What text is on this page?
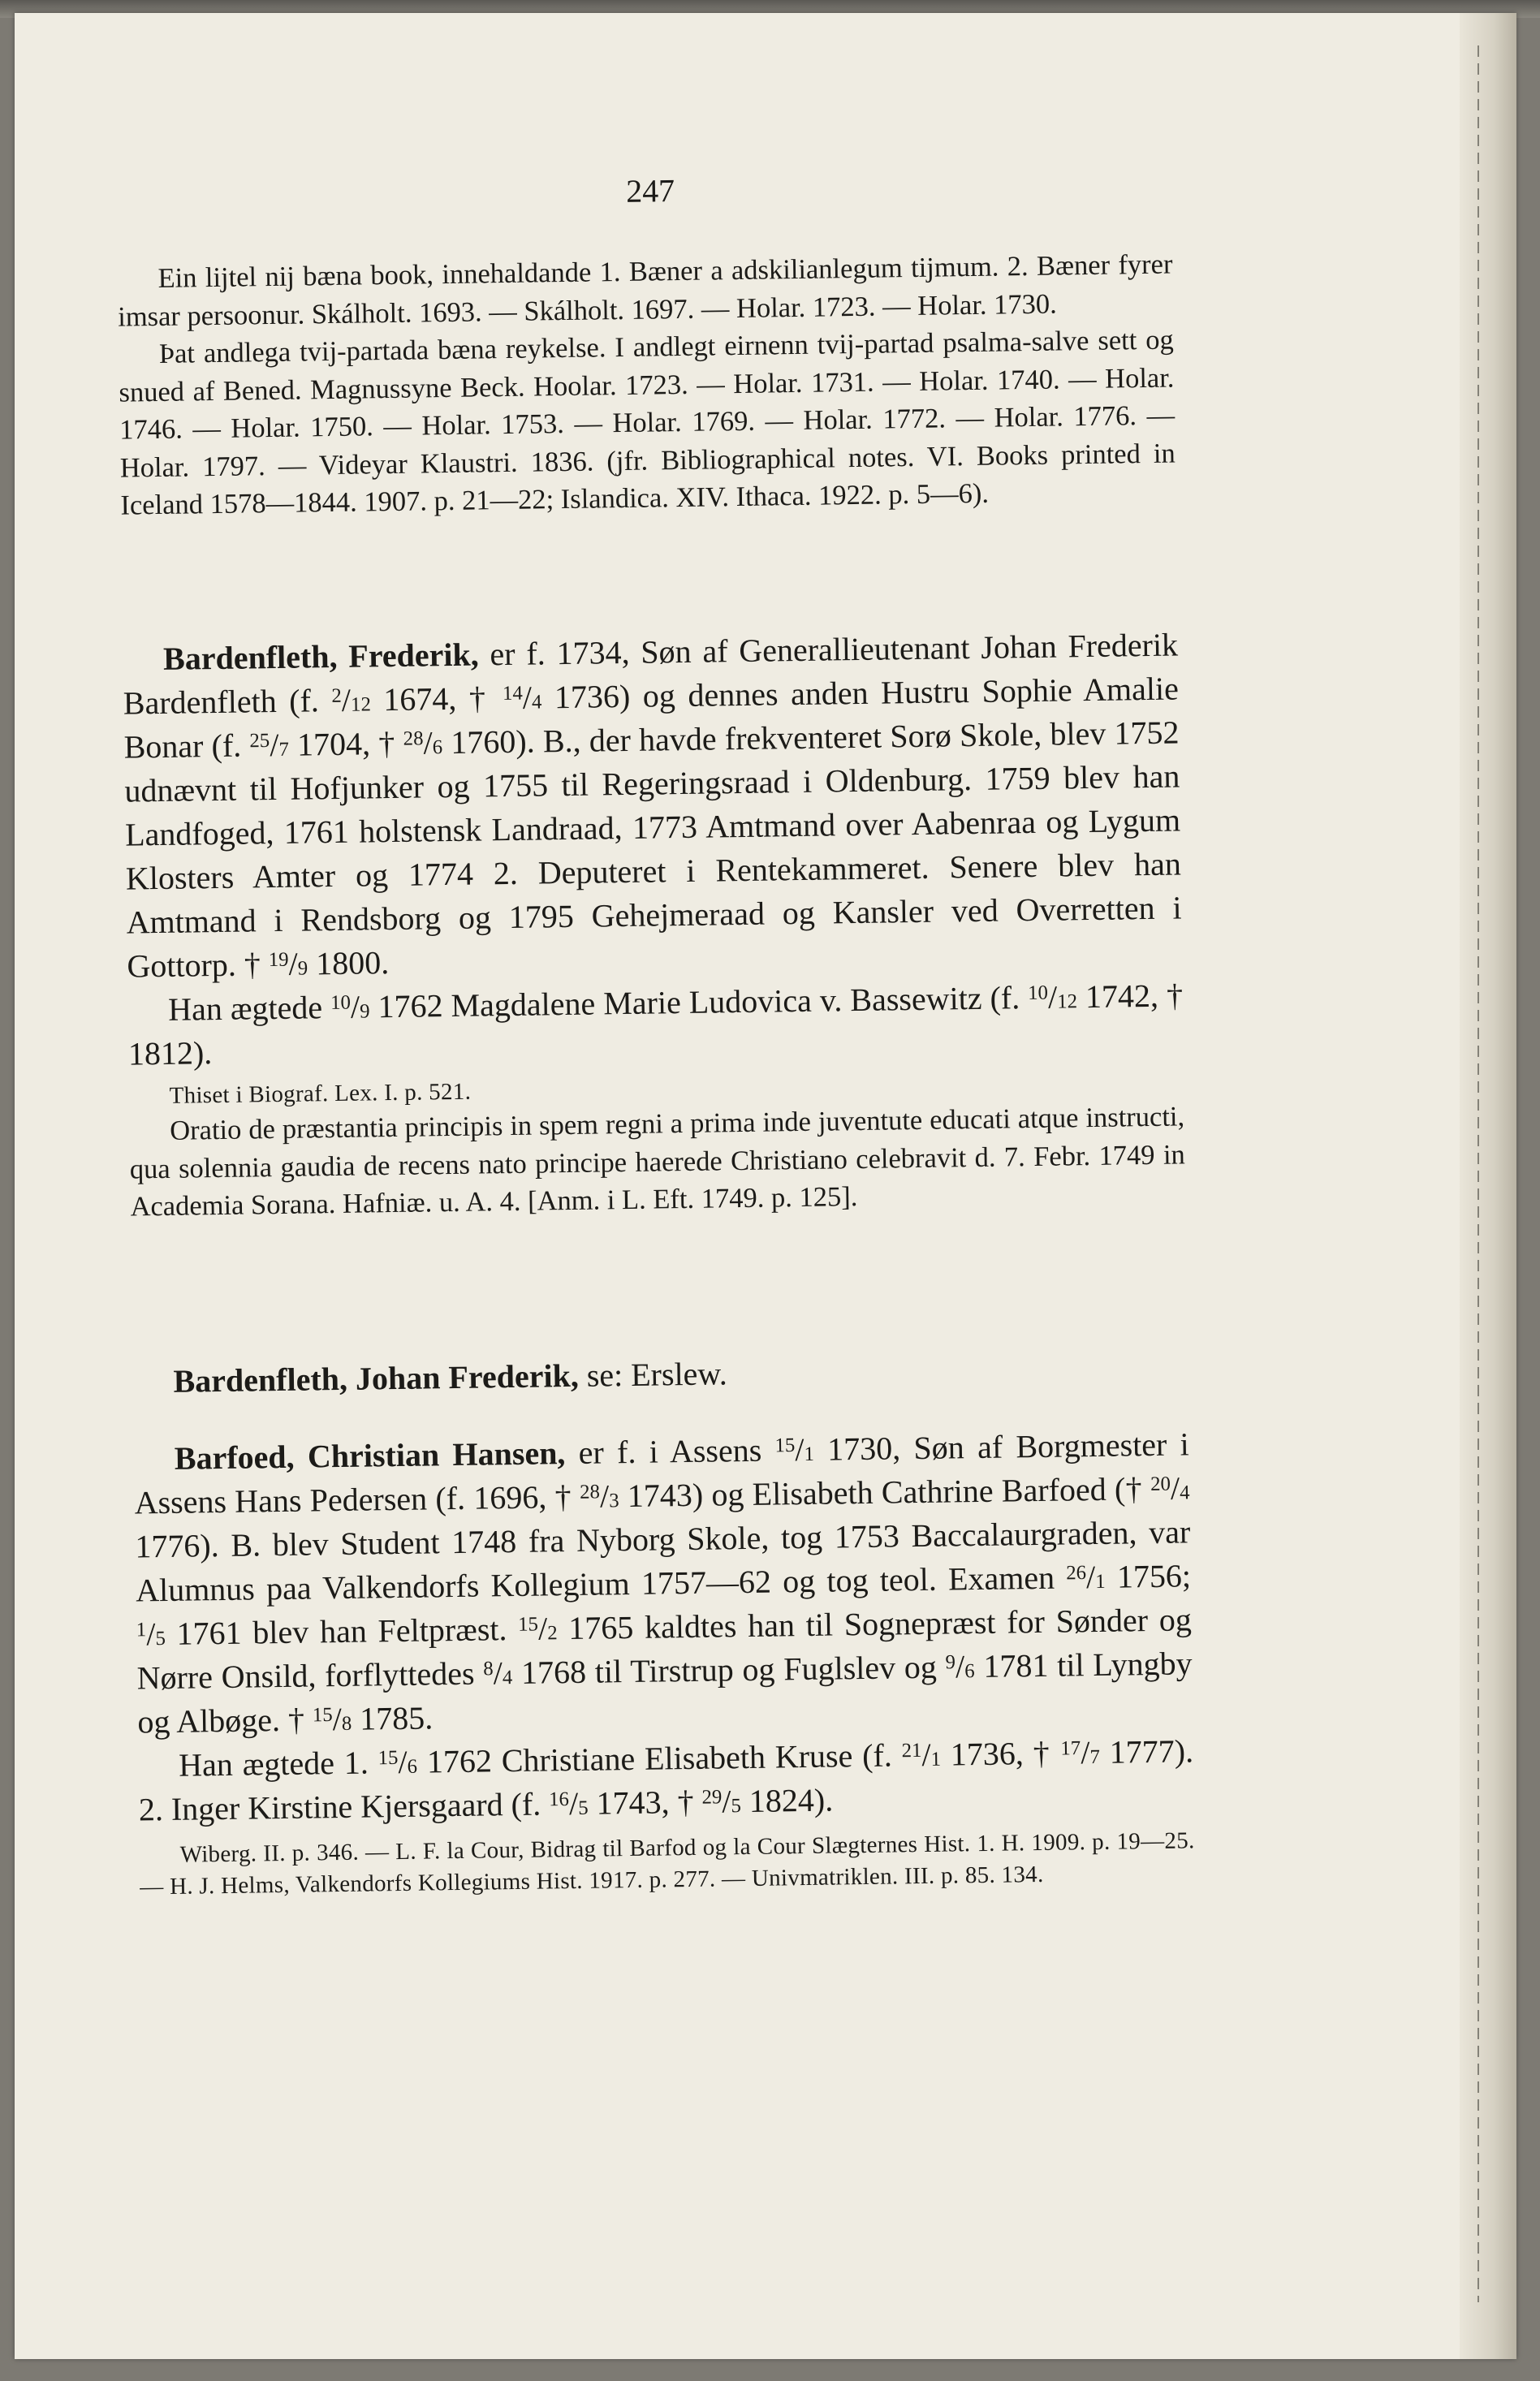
247

Ein lijtel nij bæna book, innehaldande 1. Bæner a adskilianlegum tijmum. 2. Bæner fyrer imsar persoonur. Skálholt. 1693. — Skálholt. 1697. — Holar. 1723. — Holar. 1730.

Þat andlega tvij-partada bæna reykelse. I andlegt eirnenn tvij-partad psalma-salve sett og snued af Bened. Magnussyne Beck. Hoolar. 1723. — Holar. 1731. — Holar. 1740. — Holar. 1746. — Holar. 1750. — Holar. 1753. — Holar. 1769. — Holar. 1772. — Holar. 1776. — Holar. 1797. — Videyar Klaustri. 1836. (jfr. Bibliographical notes. VI. Books printed in Iceland 1578—1844. 1907. p. 21—22; Islandica. XIV. Ithaca. 1922. p. 5—6).

Bardenfleth, Frederik, er f. 1734, Søn af Generallieutenant Johan Frederik Bardenfleth (f. $^2$/12 1674, † $^{14}$/4 1736) og dennes anden Hustru Sophie Amalie Bonar (f. $^{25}$/7 1704, † $^{28}$/6 1760). B., der havde frekventeret Sorø Skole, blev 1752 udnævnt til Hofjunker og 1755 til Regeringsraad i Oldenburg. 1759 blev han Landfoged, 1761 holstensk Landraad, 1773 Amtmand over Aabenraa og Lygum Klosters Amter og 1774 2. Deputeret i Rentekammeret. Senere blev han Amtmand i Rendsborg og 1795 Gehejmeraad og Kansler ved Overretten i Gottorp. † $^{19}$/9 1800.

Han ægtede $^{10}$/9 1762 Magdalene Marie Ludovica v. Bassewitz (f. $^{10}$/12 1742, † 1812).

Thiset i Biograf. Lex. I. p. 521.

Oratio de præstantia principis in spem regni a prima inde juventute educati atque instructi, qua solennia gaudia de recens nato principe haerede Christiano celebravit d. 7. Febr. 1749 in Academia Sorana. Hafniæ. u. A. 4. [Anm. i L. Eft. 1749. p. 125].

Bardenfleth, Johan Frederik, se: Erslew.

Barfoed, Christian Hansen, er f. i Assens $^{15}$/1 1730, Søn af Borgmester i Assens Hans Pedersen (f. 1696, † $^{28}$/3 1743) og Elisabeth Cathrine Barfoed († $^{20}$/4 1776). B. blev Student 1748 fra Nyborg Skole, tog 1753 Baccalaurgraden, var Alumnus paa Valkendorfs Kollegium 1757—62 og tog teol. Examen $^{26}$/1 1756; $^1$/5 1761 blev han Feltpræst. $^{15}$/2 1765 kaldtes han til Sognepræst for Sønder og Nørre Onsild, forflyttedes $^8$/4 1768 til Tirstrup og Fuglslev og $^9$/6 1781 til Lyngby og Albøge. † $^{15}$/8 1785.

Han ægtede 1. $^{15}$/6 1762 Christiane Elisabeth Kruse (f. $^{21}$/1 1736, † $^{17}$/7 1777). 2. Inger Kirstine Kjersgaard (f. $^{16}$/5 1743, † $^{29}$/5 1824).

Wiberg. II. p. 346. — L. F. la Cour, Bidrag til Barfod og la Cour Slægternes Hist. 1. H. 1909. p. 19—25. — H. J. Helms, Valkendorfs Kollegiums Hist. 1917. p. 277. — Univmatriklen. III. p. 85. 134.
